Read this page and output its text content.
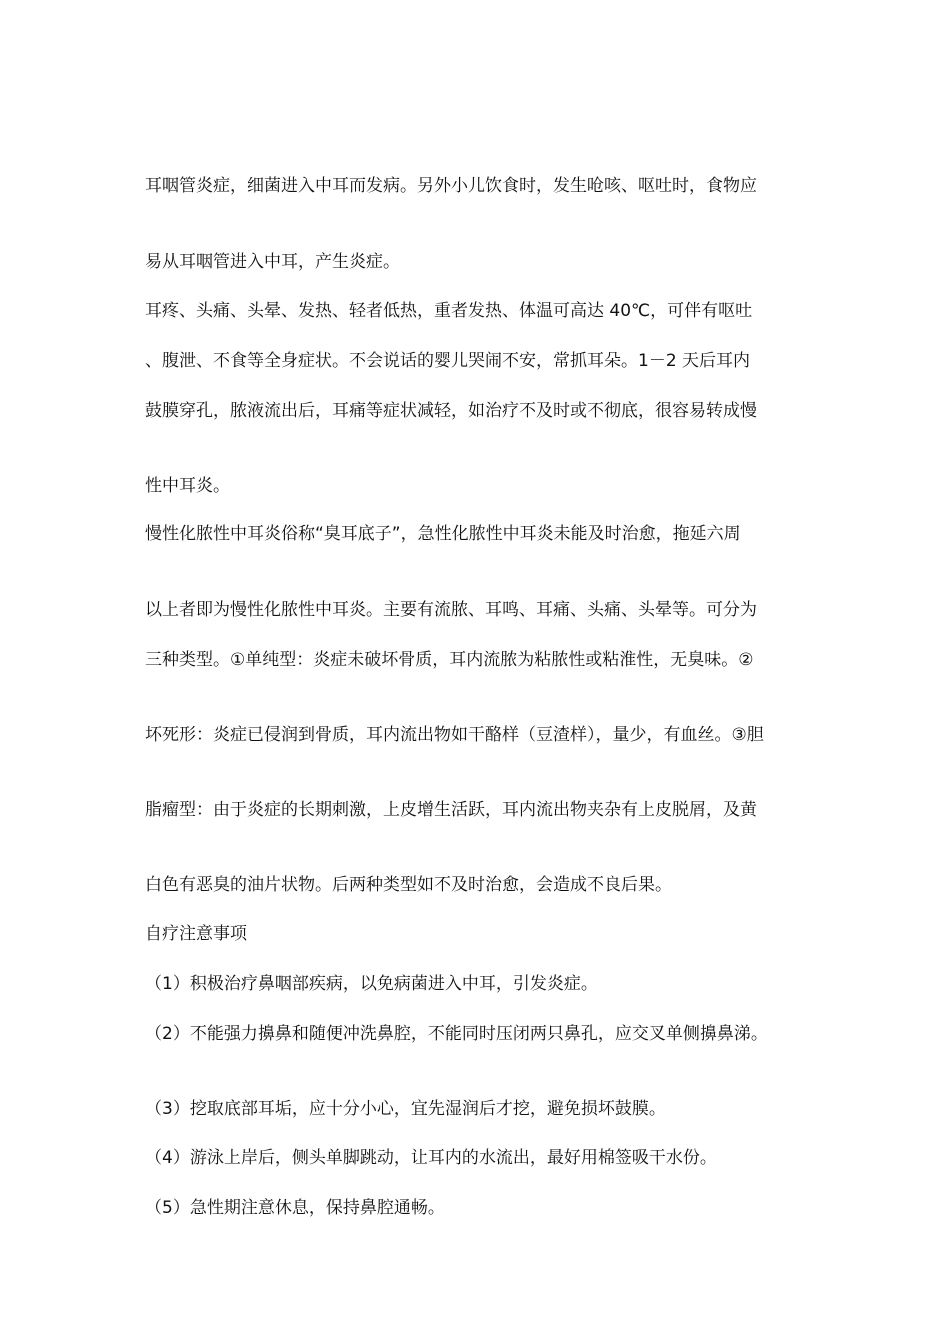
耳咽管炎症，细菌进入中耳而发病。另外小儿饮食时，发生呛咳、呕吐时，食物应

易从耳咽管进入中耳，产生炎症。

耳疼、头痛、头晕、发热、轻者低热，重者发热、体温可高达 40℃，可伴有呕吐

、腹泄、不食等全身症状。不会说话的婴儿哭闹不安，常抓耳朵。1－2 天后耳内

鼓膜穿孔，脓液流出后，耳痛等症状减轻，如治疗不及时或不彻底，很容易转成慢

性中耳炎。

慢性化脓性中耳炎俗称“臭耳底子”，急性化脓性中耳炎未能及时治愈，拖延六周

以上者即为慢性化脓性中耳炎。主要有流脓、耳鸣、耳痛、头痛、头晕等。可分为

三种类型。①单纯型：炎症未破坏骨质，耳内流脓为粘脓性或粘淮性，无臭味。②

坏死形：炎症已侵润到骨质，耳内流出物如干酪样（豆渣样），量少，有血丝。③胆

脂瘤型：由于炎症的长期刺激，上皮增生活跃，耳内流出物夹杂有上皮脱屑，及黄

白色有恶臭的油片状物。后两种类型如不及时治愈，会造成不良后果。

自疗注意事项

（1）积极治疗鼻咽部疾病，以免病菌进入中耳，引发炎症。

（2）不能强力擤鼻和随便冲洗鼻腔，不能同时压闭两只鼻孔，应交叉单侧擤鼻涕。

（3）挖取底部耳垢，应十分小心，宜先湿润后才挖，避免损坏鼓膜。

（4）游泳上岸后，侧头单脚跳动，让耳内的水流出，最好用棉签吸干水份。

（5）急性期注意休息，保持鼻腔通畅。
